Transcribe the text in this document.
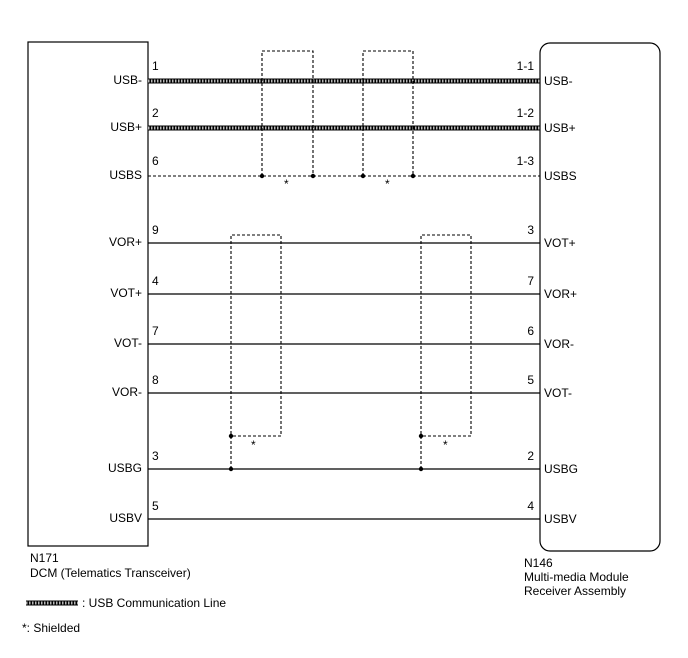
*	*
*	*
USB-
USB+
USBS
VOR+
VOT+
VOT-
VOR-
USBG
USBV
1
2
6
9
4
7
8
3
5
1-1
1-2
1-3
3
7
6
5
2
4
USB-
USB+
USBS
VOT+
VOR+
VOR-
VOT-
USBG
USBV
N171
DCM (Telematics Transceiver)
N146
Multi-media Module
Receiver Assembly
: USB Communication Line
*: Shielded
